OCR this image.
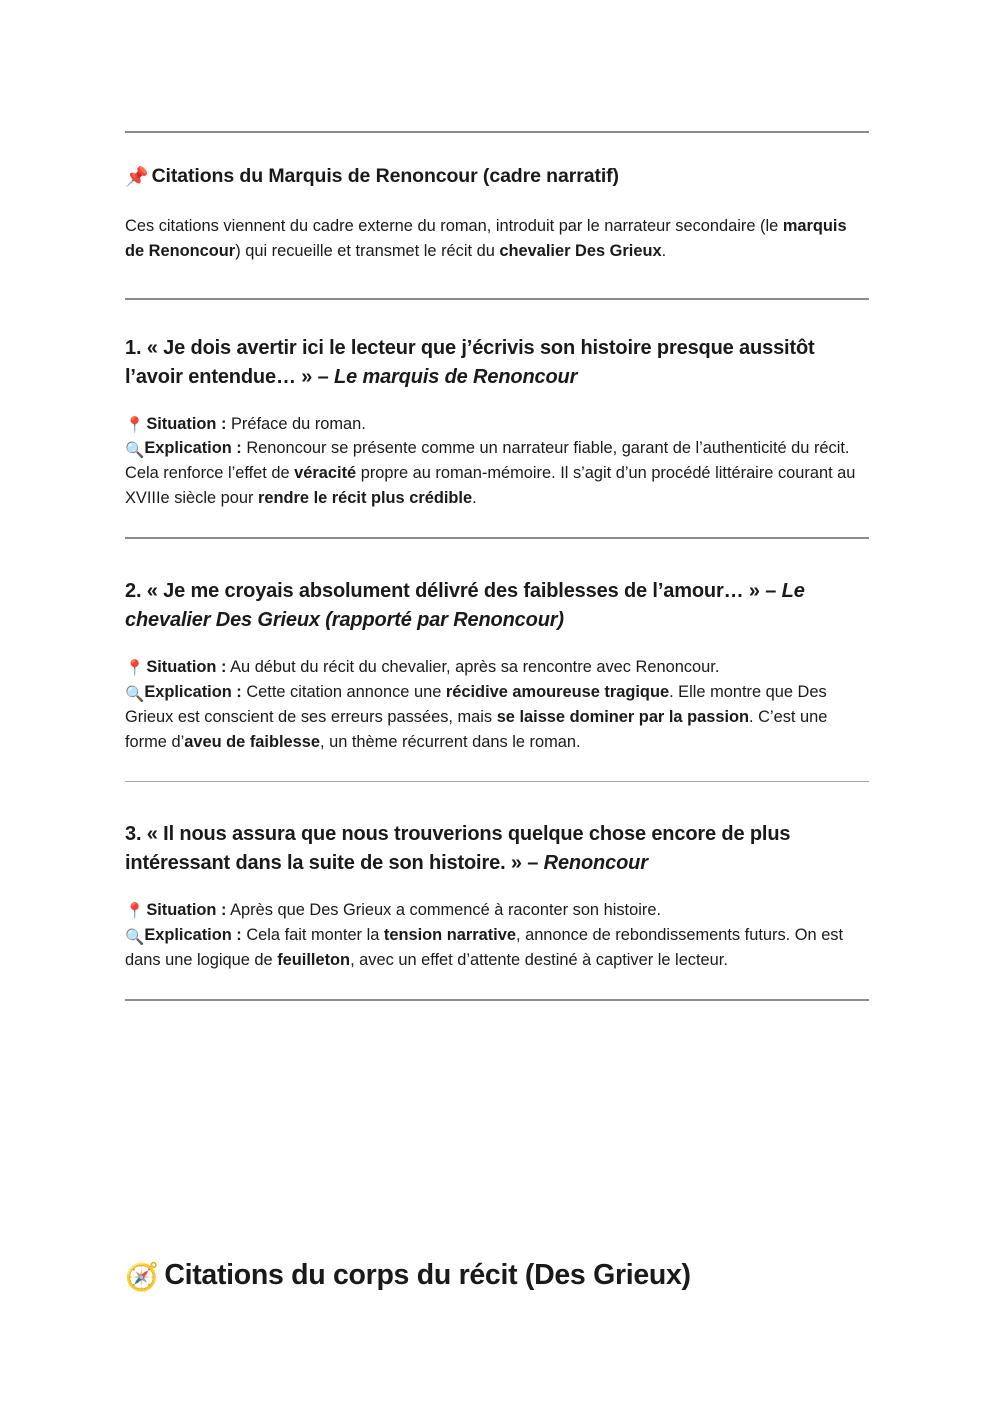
📌 Citations du Marquis de Renoncour (cadre narratif)

Ces citations viennent du cadre externe du roman, introduit par le narrateur secondaire (le marquis de Renoncour) qui recueille et transmet le récit du chevalier Des Grieux.

1. « Je dois avertir ici le lecteur que j’écrivis son histoire presque aussitôt l’avoir entendue… » – Le marquis de Renoncour

📍 Situation : Préface du roman.

🔍Explication : Renoncour se présente comme un narrateur fiable, garant de l’authenticité du récit. Cela renforce l’effet de véracité propre au roman-mémoire. Il s’agit d’un procédé littéraire courant au XVIIIe siècle pour rendre le récit plus crédible.

2. « Je me croyais absolument délivré des faiblesses de l’amour… » – Le chevalier Des Grieux (rapporté par Renoncour)

📍 Situation : Au début du récit du chevalier, après sa rencontre avec Renoncour.

🔍Explication : Cette citation annonce une récidive amoureuse tragique. Elle montre que Des Grieux est conscient de ses erreurs passées, mais se laisse dominer par la passion. C’est une forme d’aveu de faiblesse, un thème récurrent dans le roman.

3. « Il nous assura que nous trouverions quelque chose encore de plus intéressant dans la suite de son histoire. » – Renoncour

📍 Situation : Après que Des Grieux a commencé à raconter son histoire.

🔍Explication : Cela fait monter la tension narrative, annonce de rebondissements futurs. On est dans une logique de feuilleton, avec un effet d’attente destiné à captiver le lecteur.

🧭 Citations du corps du récit (Des Grieux)
